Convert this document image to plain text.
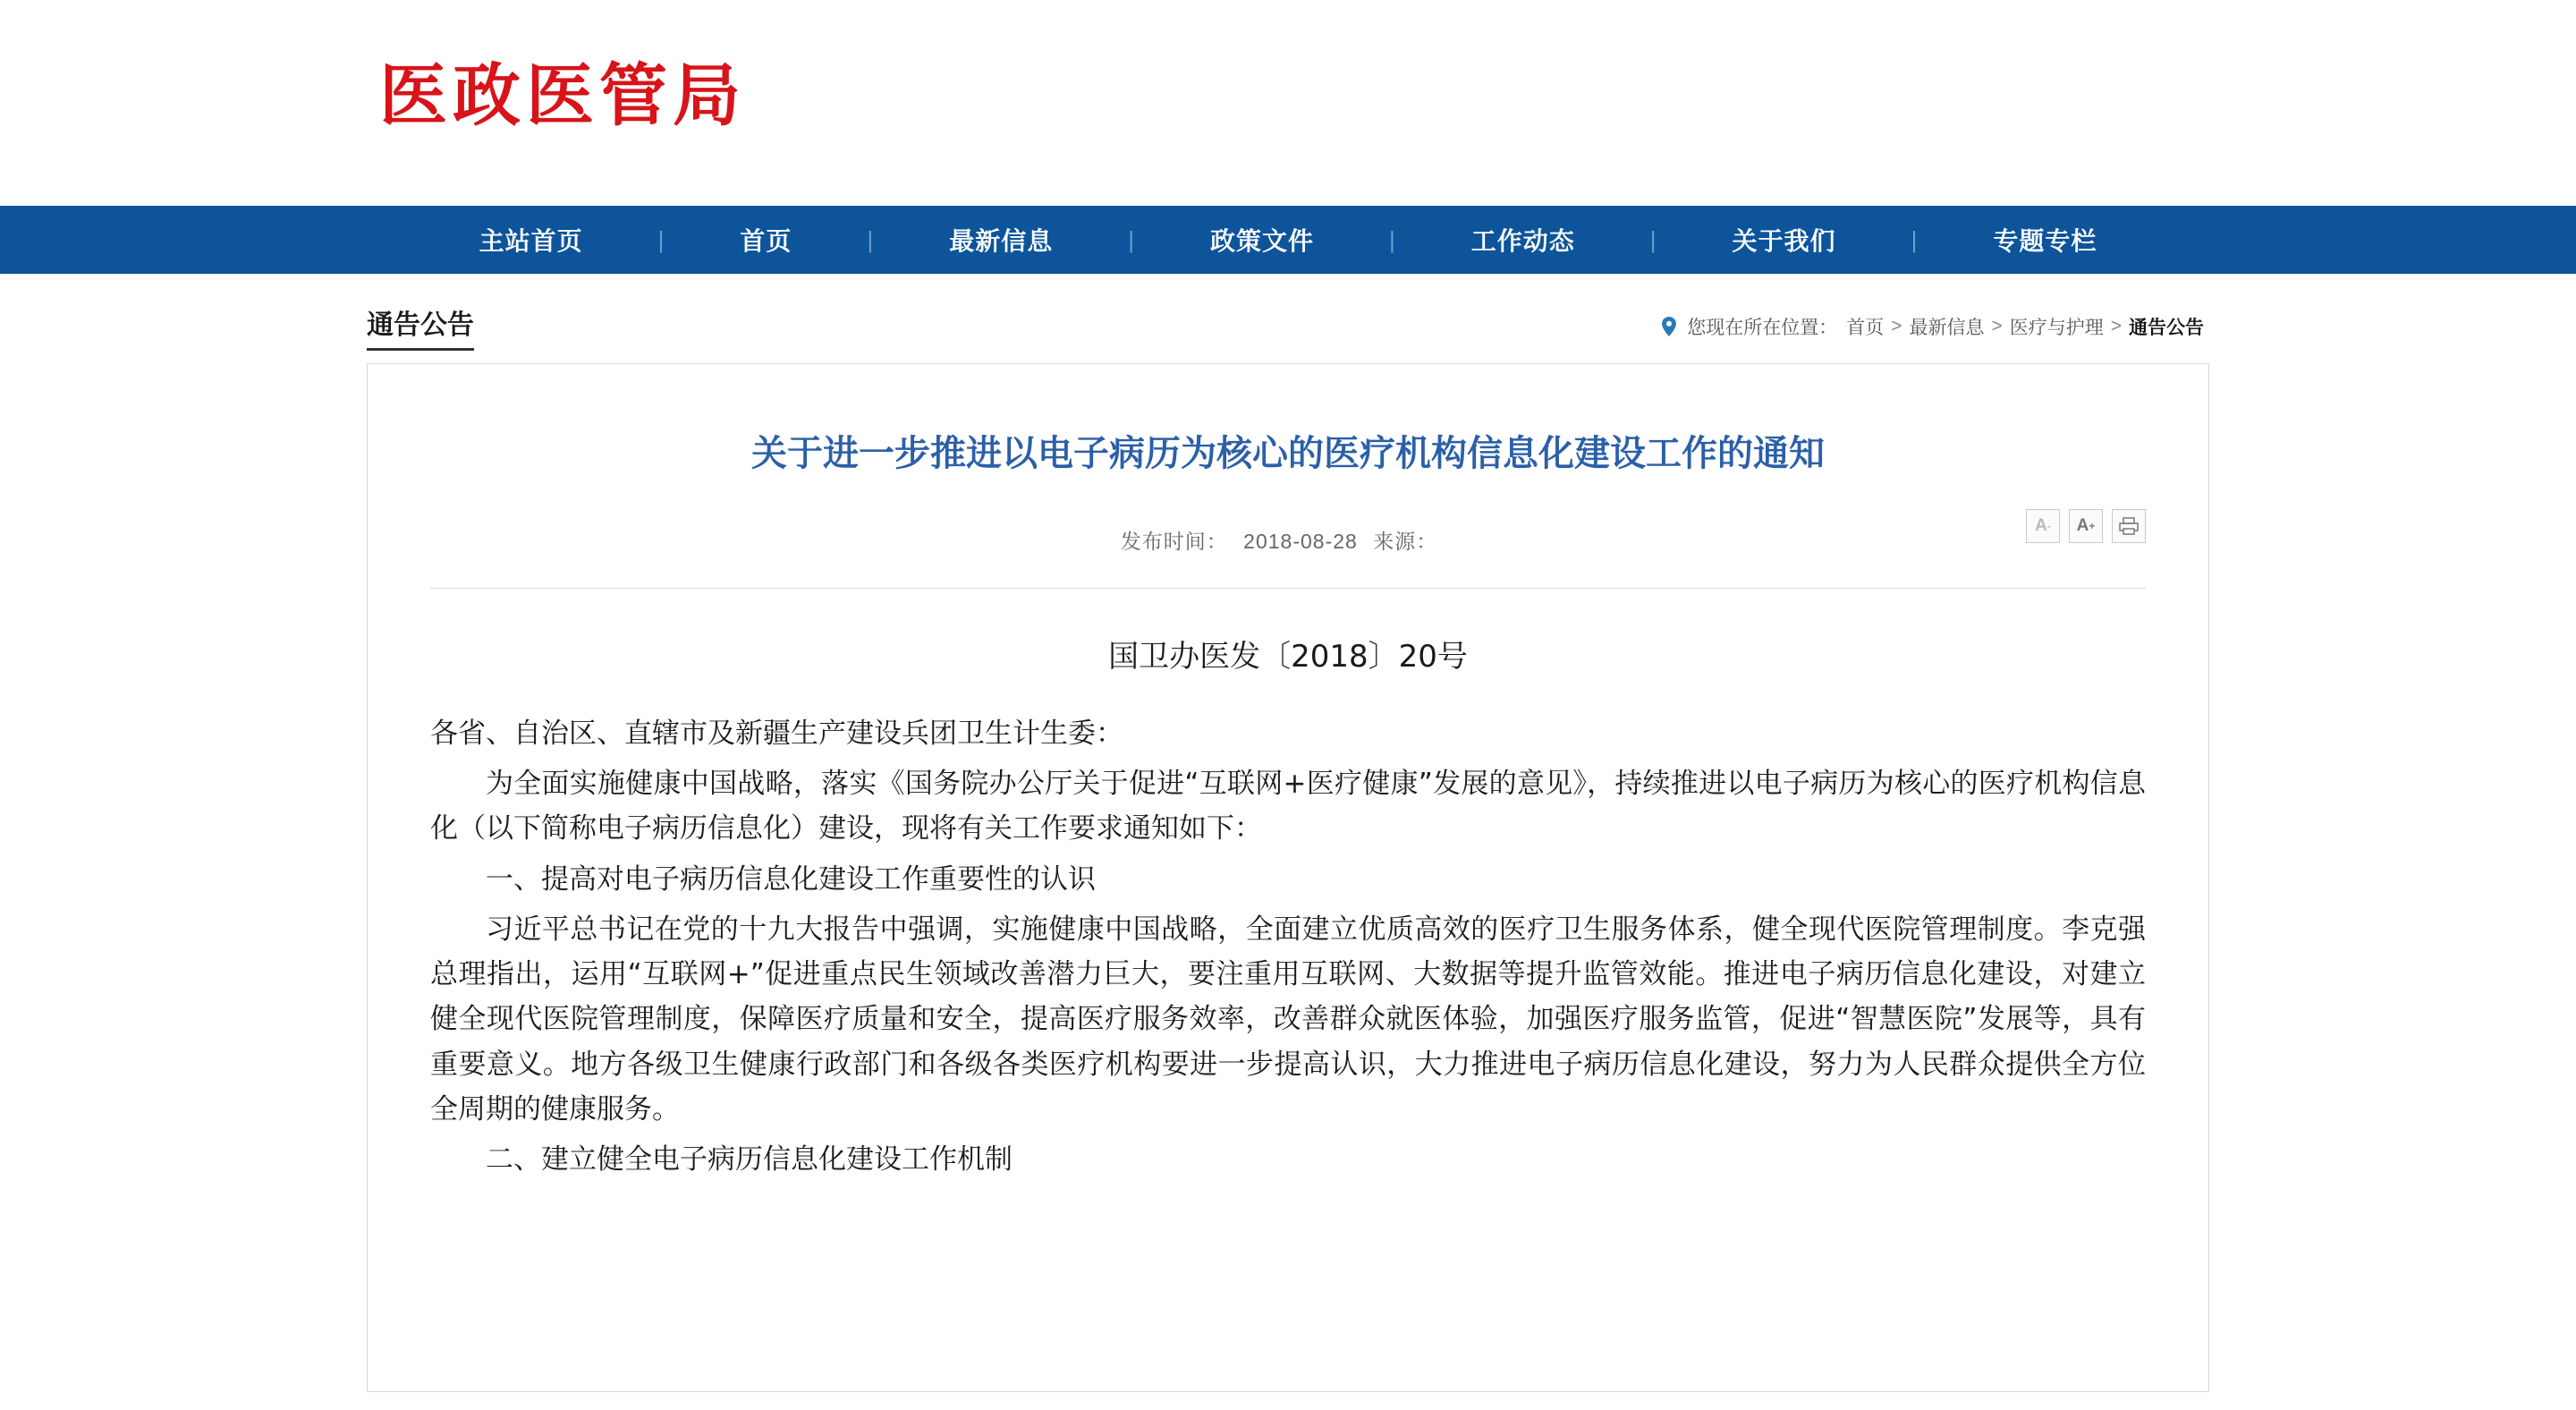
医政医管局
主站首页	|	首页	|	最新信息	|	政策文件	|	工作动态	|	关于我们	|	专题专栏
通告公告	您现在所在位置： 首页 > 最新信息 > 医疗与护理 > 通告公告
关于进一步推进以电子病历为核心的医疗机构信息化建设工作的通知
发布时间： 2018-08-28 来源：
A -	A +
国卫办医发〔2018〕20号

各省、自治区、直辖市及新疆生产建设兵团卫生计生委：

为全面实施健康中国战略，落实《国务院办公厅关于促进“互联网+医疗健康”发展的意见》，持续推进以电子病历为核心的医疗机构信息化（以下简称电子病历信息化）建设，现将有关工作要求通知如下：

一、提高对电子病历信息化建设工作重要性的认识

习近平总书记在党的十九大报告中强调，实施健康中国战略，全面建立优质高效的医疗卫生服务体系，健全现代医院管理制度。李克强总理指出，运用“互联网+”促进重点民生领域改善潜力巨大，要注重用互联网、大数据等提升监管效能。推进电子病历信息化建设，对建立健全现代医院管理制度，保障医疗质量和安全，提高医疗服务效率，改善群众就医体验，加强医疗服务监管，促进“智慧医院”发展等，具有重要意义。地方各级卫生健康行政部门和各级各类医疗机构要进一步提高认识，大力推进电子病历信息化建设，努力为人民群众提供全方位全周期的健康服务。

二、建立健全电子病历信息化建设工作机制
